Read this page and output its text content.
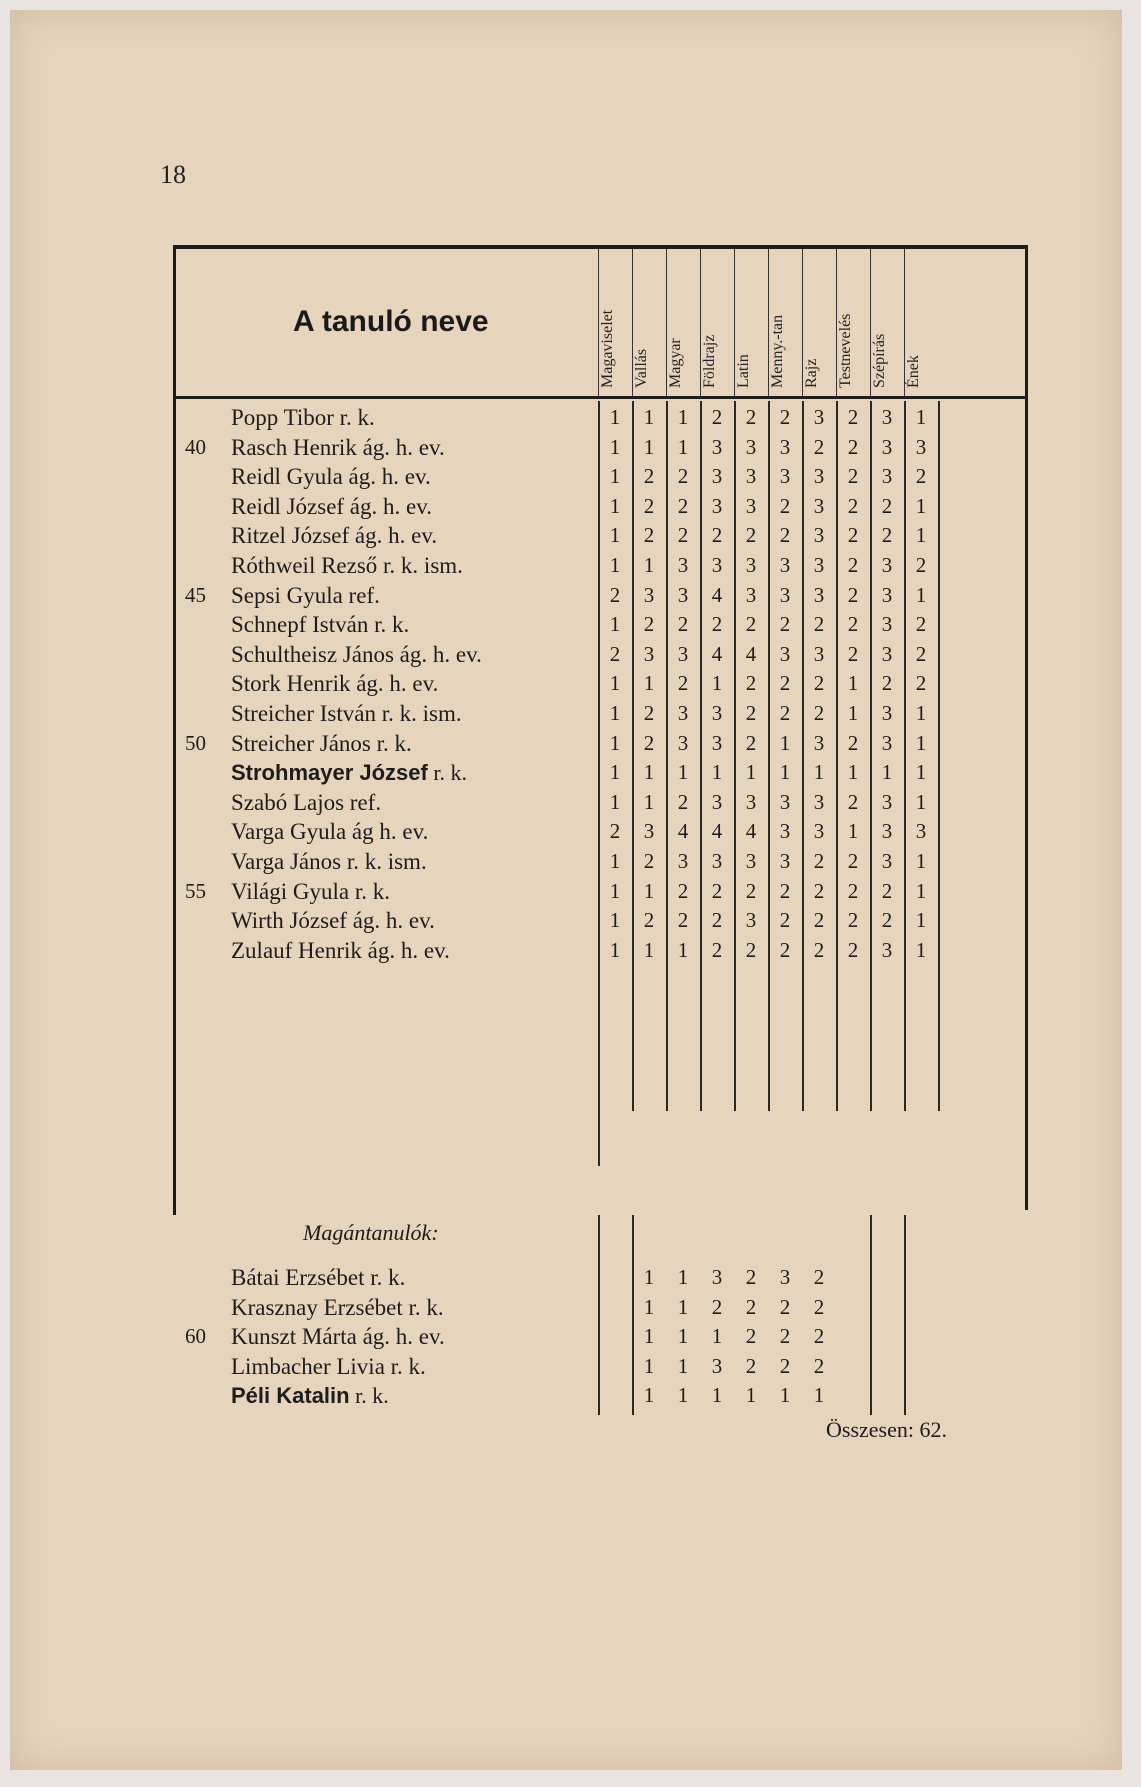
18
A tanuló neve	Magaviselet Vallás Magyar Földrajz Latin Menny.-tan Rajz Testnevelés Szépírás Ének
Popp Tibor r. k.	1	1	1	2	2	2	3	2	3	1
40	Rasch Henrik ág. h. ev.	1	1	1	3	3	3	2	2	3	3
Reidl Gyula ág. h. ev.	1	2	2	3	3	3	3	2	3	2
Reidl József ág. h. ev.	1	2	2	3	3	2	3	2	2	1
Ritzel József ág. h. ev.	1	2	2	2	2	2	3	2	2	1
Róthweil Rezső r. k. ism.	1	1	3	3	3	3	3	2	3	2
45	Sepsi Gyula ref.	2	3	3	4	3	3	3	2	3	1
Schnepf István r. k.	1	2	2	2	2	2	2	2	3	2
Schultheisz János ág. h. ev.	2	3	3	4	4	3	3	2	3	2
Stork Henrik ág. h. ev.	1	1	2	1	2	2	2	1	2	2
Streicher István r. k. ism.	1	2	3	3	2	2	2	1	3	1
50	Streicher János r. k.	1	2	3	3	2	1	3	2	3	1
Strohmayer József r. k.	1	1	1	1	1	1	1	1	1	1
Szabó Lajos ref.	1	1	2	3	3	3	3	2	3	1
Varga Gyula ág h. ev.	2	3	4	4	4	3	3	1	3	3
Varga János r. k. ism.	1	2	3	3	3	3	2	2	3	1
55	Világi Gyula r. k.	1	1	2	2	2	2	2	2	2	1
Wirth József ág. h. ev.	1	2	2	2	3	2	2	2	2	1
Zulauf Henrik ág. h. ev.	1	1	1	2	2	2	2	2	3	1
Magántanulók:
Bátai Erzsébet r. k.	1	1	3	2	3	2
Krasznay Erzsébet r. k.	1	1	2	2	2	2
60	Kunszt Márta ág. h. ev.	1	1	1	2	2	2
Limbacher Livia r. k.	1	1	3	2	2	2
Péli Katalin r. k.	1	1	1	1	1	1
Összesen: 62.
